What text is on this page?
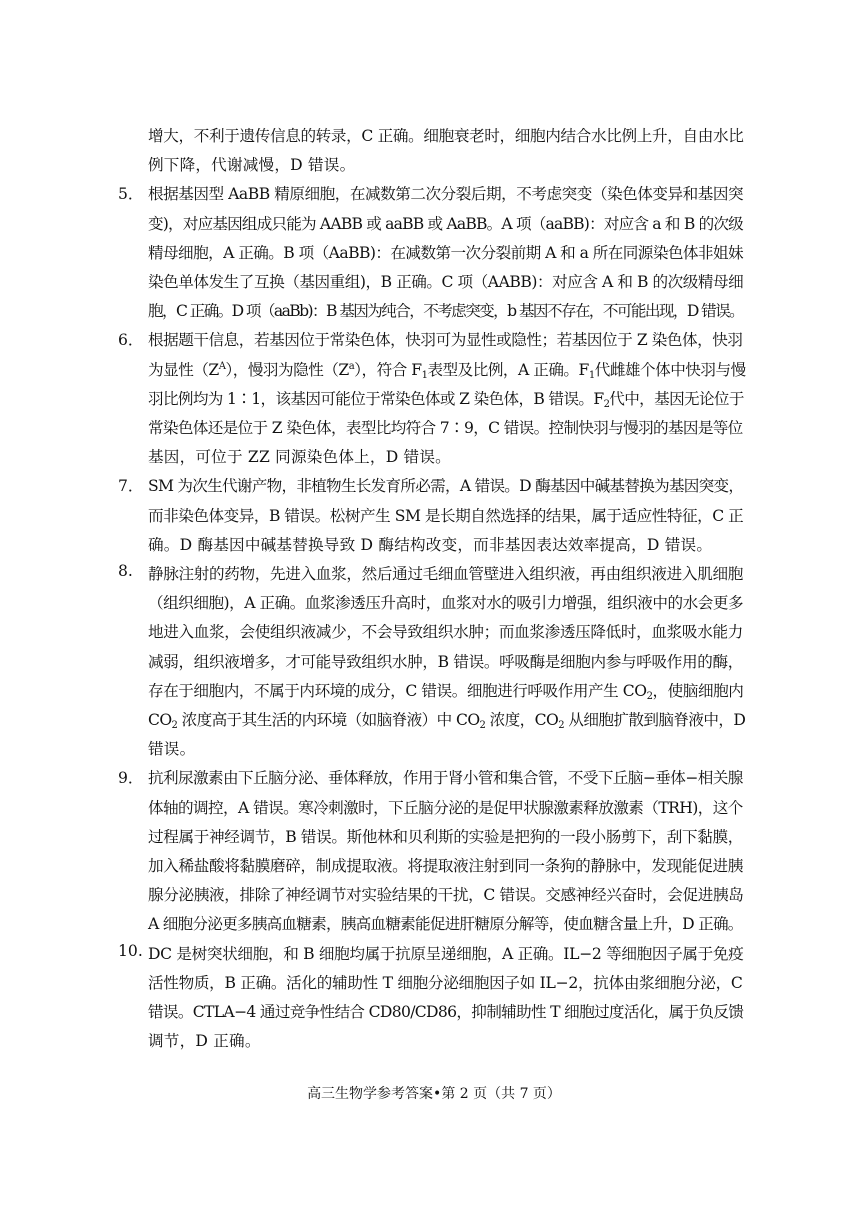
增大，不利于遗传信息的转录，C 正确。细胞衰老时，细胞内结合水比例上升，自由水比
例下降，代谢减慢，D 错误。
5． 根据基因型 AaBB 精原细胞，在减数第二次分裂后期，不考虑突变（染色体变异和基因突
变)，对应基因组成只能为 AABB 或 aaBB 或 AaBB。A 项（aaBB)：对应含 a 和 B 的次级
精母细胞，A 正确。B 项（AaBB)：在减数第一次分裂前期 A 和 a 所在同源染色体非姐妹
染色单体发生了互换（基因重组)，B 正确。C 项（AABB)：对应含 A 和 B 的次级精母细
胞，C 正确。D 项（aaBb)：B 基因为纯合，不考虑突变，b 基因不存在，不可能出现，D 错误。
6． 根据题干信息，若基因位于常染色体，快羽可为显性或隐性；若基因位于 Z 染色体，快羽
为显性$(Z^A)$，慢羽为隐性$(Z^a)$，符合 $F_1$表型及比例，A 正确。$F_1$代雌雄个体中快羽与慢
羽比例均为 1∶1，该基因可能位于常染色体或 Z 染色体，B 错误。$F_2$代中，基因无论位于
常染色体还是位于 Z 染色体，表型比均符合 7∶9，C 错误。控制快羽与慢羽的基因是等位
基因，可位于 ZZ 同源染色体上，D 错误。
7． SM 为次生代谢产物，非植物生长发育所必需，A 错误。D 酶基因中碱基替换为基因突变，
而非染色体变异，B 错误。松树产生 SM 是长期自然选择的结果，属于适应性特征，C 正
确。D 酶基因中碱基替换导致 D 酶结构改变，而非基因表达效率提高，D 错误。
8. 静脉注射的药物，先进入血浆，然后通过毛细血管壁进入组织液，再由组织液进入肌细胞
（组织细胞)，A 正确。血浆渗透压升高时，血浆对水的吸引力增强，组织液中的水会更多
地进入血浆，会使组织液减少，不会导致组织水肿；而血浆渗透压降低时，血浆吸水能力
减弱，组织液增多，才可能导致组织水肿，B 错误。呼吸酶是细胞内参与呼吸作用的酶，
存在于细胞内，不属于内环境的成分，C 错误。细胞进行呼吸作用产生 $CO_2$，使脑细胞内
$CO_2$ 浓度高于其生活的内环境（如脑脊液）中 $CO_2$ 浓度，$CO_2$ 从细胞扩散到脑脊液中，D
错误。
9． 抗利尿激素由下丘脑分泌、垂体释放，作用于肾小管和集合管，不受下丘脑−垂体−相关腺
体轴的调控，A 错误。寒冷刺激时，下丘脑分泌的是促甲状腺激素释放激素（TRH)，这个
过程属于神经调节，B 错误。斯他林和贝利斯的实验是把狗的一段小肠剪下，刮下黏膜，
加入稀盐酸将黏膜磨碎，制成提取液。将提取液注射到同一条狗的静脉中，发现能促进胰
腺分泌胰液，排除了神经调节对实验结果的干扰，C 错误。交感神经兴奋时，会促进胰岛
A 细胞分泌更多胰高血糖素，胰高血糖素能促进肝糖原分解等，使血糖含量上升，D 正确。
10. DC 是树突状细胞，和 B 细胞均属于抗原呈递细胞，A 正确。IL−2 等细胞因子属于免疫
活性物质，B 正确。活化的辅助性 T 细胞分泌细胞因子如 IL−2，抗体由浆细胞分泌，C
错误。CTLA−4 通过竞争性结合 CD80/CD86，抑制辅助性 T 细胞过度活化，属于负反馈
调节，D 正确。
高三生物学参考答案•第 2 页（共 7 页）
